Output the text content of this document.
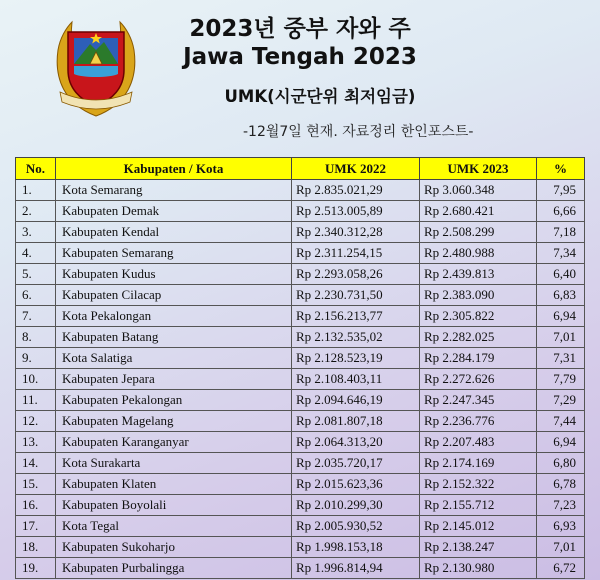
2023년 중부 자와 주
Jawa Tengah 2023
UMK(시군단위 최저임금)
-12월7일 현재. 자료정리 한인포스트-
No.	Kabupaten / Kota	UMK 2022	UMK 2023	%
1.	Kota Semarang	Rp 2.835.021,29	Rp 3.060.348	7,95
2.	Kabupaten Demak	Rp 2.513.005,89	Rp 2.680.421	6,66
3.	Kabupaten Kendal	Rp 2.340.312,28	Rp 2.508.299	7,18
4.	Kabupaten Semarang	Rp 2.311.254,15	Rp 2.480.988	7,34
5.	Kabupaten Kudus	Rp 2.293.058,26	Rp 2.439.813	6,40
6.	Kabupaten Cilacap	Rp 2.230.731,50	Rp 2.383.090	6,83
7.	Kota Pekalongan	Rp 2.156.213,77	Rp 2.305.822	6,94
8.	Kabupaten Batang	Rp 2.132.535,02	Rp 2.282.025	7,01
9.	Kota Salatiga	Rp 2.128.523,19	Rp 2.284.179	7,31
10.	Kabupaten Jepara	Rp 2.108.403,11	Rp 2.272.626	7,79
11.	Kabupaten Pekalongan	Rp 2.094.646,19	Rp 2.247.345	7,29
12.	Kabupaten Magelang	Rp 2.081.807,18	Rp 2.236.776	7,44
13.	Kabupaten Karanganyar	Rp 2.064.313,20	Rp 2.207.483	6,94
14.	Kota Surakarta	Rp 2.035.720,17	Rp 2.174.169	6,80
15.	Kabupaten Klaten	Rp 2.015.623,36	Rp 2.152.322	6,78
16.	Kabupaten Boyolali	Rp 2.010.299,30	Rp 2.155.712	7,23
17.	Kota Tegal	Rp 2.005.930,52	Rp 2.145.012	6,93
18.	Kabupaten Sukoharjo	Rp 1.998.153,18	Rp 2.138.247	7,01
19.	Kabupaten Purbalingga	Rp 1.996.814,94	Rp 2.130.980	6,72
